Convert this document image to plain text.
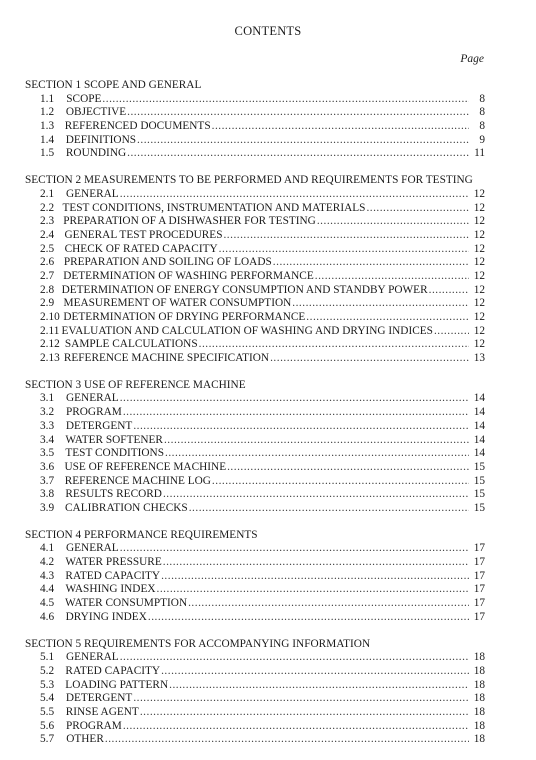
CONTENTS
Page
SECTION 1 SCOPE AND GENERAL
1.1	SCOPE .....	8
1.2	OBJECTIVE .....	8
1.3 REFERENCED DOCUMENTS .....	8
1.4	DEFINITIONS .....	9
1.5	ROUNDING .....	11
SECTION 2 MEASUREMENTS TO BE PERFORMED AND REQUIREMENTS FOR TESTING
2.1	GENERAL .....	12
2.2 TEST CONDITIONS, INSTRUMENTATION AND MATERIALS .....	12
2.3 PREPARATION OF A DISHWASHER FOR TESTING .....	12
2.4 GENERAL TEST PROCEDURES .....	12
2.5 CHECK OF RATED CAPACITY .....	12
2.6 PREPARATION AND SOILING OF LOADS .....	12
2.7 DETERMINATION OF WASHING PERFORMANCE .....	12
2.8 DETERMINATION OF ENERGY CONSUMPTION AND STANDBY POWER .....	12
2.9 MEASUREMENT OF WATER CONSUMPTION .....	12
2.10 DETERMINATION OF DRYING PERFORMANCE .....	12
2.11 EVALUATION AND CALCULATION OF WASHING AND DRYING INDICES .....	12
2.12 SAMPLE CALCULATIONS .....	12
2.13 REFERENCE MACHINE SPECIFICATION .....	13
SECTION 3 USE OF REFERENCE MACHINE
3.1	GENERAL .....	14
3.2	PROGRAM .....	14
3.3	DETERGENT .....	14
3.4 WATER SOFTENER .....	14
3.5 TEST CONDITIONS .....	14
3.6 USE OF REFERENCE MACHINE .....	15
3.7 REFERENCE MACHINE LOG .....	15
3.8 RESULTS RECORD .....	15
3.9 CALIBRATION CHECKS .....	15
SECTION 4 PERFORMANCE REQUIREMENTS
4.1	GENERAL .....	17
4.2 WATER PRESSURE .....	17
4.3 RATED CAPACITY .....	17
4.4	WASHING INDEX .....	17
4.5 WATER CONSUMPTION .....	17
4.6	DRYING INDEX .....	17
SECTION 5 REQUIREMENTS FOR ACCOMPANYING INFORMATION
5.1	GENERAL .....	18
5.2 RATED CAPACITY .....	18
5.3 LOADING PATTERN .....	18
5.4	DETERGENT .....	18
5.5	RINSE AGENT .....	18
5.6	PROGRAM .....	18
5.7	OTHER .....	18
